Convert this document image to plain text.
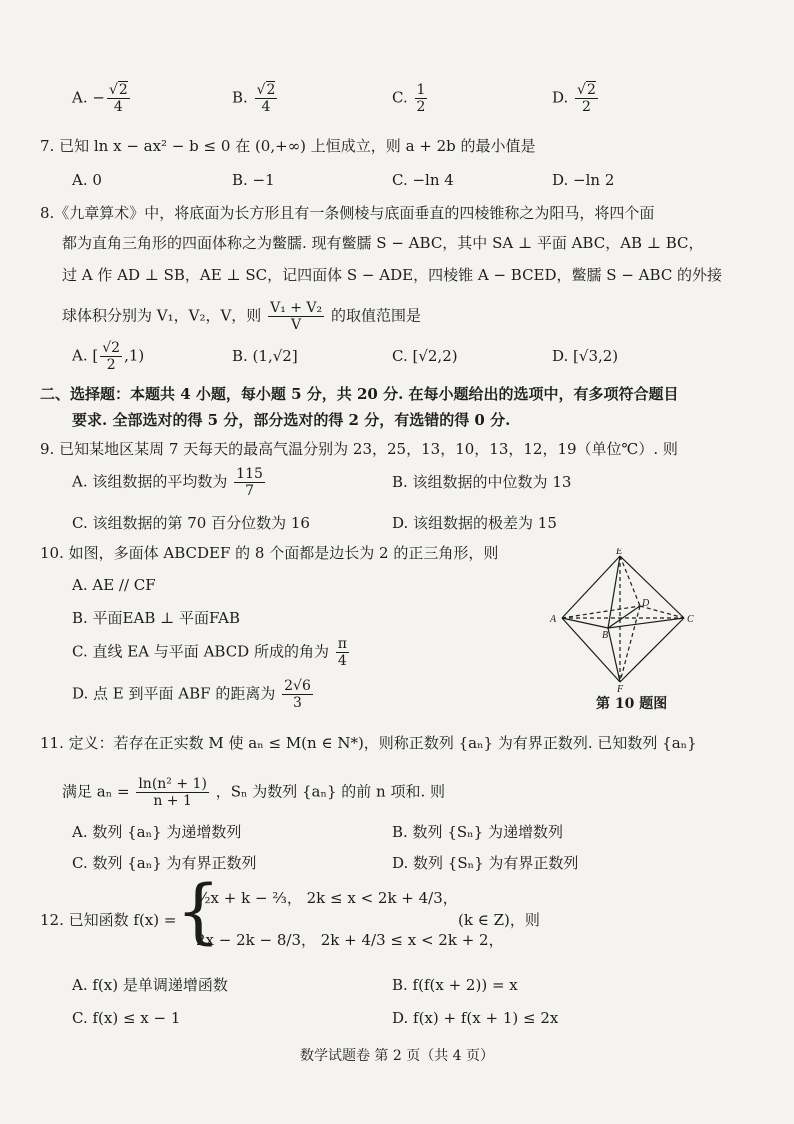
A. − $\frac{√2}{4}$	B. $\frac{√2}{4}$	C. $\frac{1}{2}$	D. $\frac{√2}{2}$
7. 已知 ln x − ax² − b ≤ 0 在 (0,+∞) 上恒成立，则 a + 2b 的最小值是
A. 0	B. −1	C. −ln 4	D. −ln 2
8.《九章算术》中，将底面为长方形且有一条侧棱与底面垂直的四棱锥称之为阳马，将四个面
都为直角三角形的四面体称之为鳖臑. 现有鳖臑 S − ABC，其中 SA ⊥ 平面 ABC，AB ⊥ BC，
过 A 作 AD ⊥ SB，AE ⊥ SC，记四面体 S − ADE，四棱锥 A − BCED，鳖臑 S − ABC 的外接
球体积分别为 V₁，V₂，V，则 $\frac{\text{V₁ + V₂}}{V}$ 的取值范围是
A. [ $\frac{√2}{2} ,1$)	B. (1,√2]	C. [√2,2)	D. [√3,2)
二、选择题：本题共 4 小题，每小题 5 分，共 20 分. 在每小题给出的选项中，有多项符合题目
要求. 全部选对的得 5 分，部分选对的得 2 分，有选错的得 0 分.
9. 已知某地区某周 7 天每天的最高气温分别为 23，25，13，10，13，12，19（单位℃）. 则
A. 该组数据的平均数为 $\frac{115}{7}$	B. 该组数据的中位数为 13
C. 该组数据的第 70 百分位数为 16	D. 该组数据的极差为 15
10. 如图，多面体 ABCDEF 的 8 个面都是边长为 2 的正三角形，则
A. AE // CF
B. 平面EAB ⊥ 平面FAB
C. 直线 EA 与平面 ABCD 所成的角为 $\frac{\pi}{4}$
D. 点 E 到平面 ABF 的距离为 $\frac{2√6}{3}$
E
A
B
C
D
F
第 10 题图
11. 定义：若存在正实数 M 使 aₙ ≤ M(n ∈ N*)，则称正数列 {aₙ} 为有界正数列. 已知数列 {aₙ}
满足 $a_n = \frac{\text{ln(n² + 1)}}{n + 1}$ ，Sₙ 为数列 {aₙ} 的前 n 项和. 则
A. 数列 {aₙ} 为递增数列	B. 数列 {Sₙ} 为递增数列
C. 数列 {aₙ} 为有界正数列	D. 数列 {Sₙ} 为有界正数列
12. 已知函数 f(x) = {
½x + k − ⅔， 2k ≤ x < 2k + 4/3，
2x − 2k − 8/3， 2k + 4/3 ≤ x < 2k + 2，
(k ∈ Z)，则
A. f(x) 是单调递增函数	B. f(f(x + 2)) = x
C. f(x) ≤ x − 1	D. f(x) + f(x + 1) ≤ 2x
数学试题卷 第 2 页（共 4 页）
